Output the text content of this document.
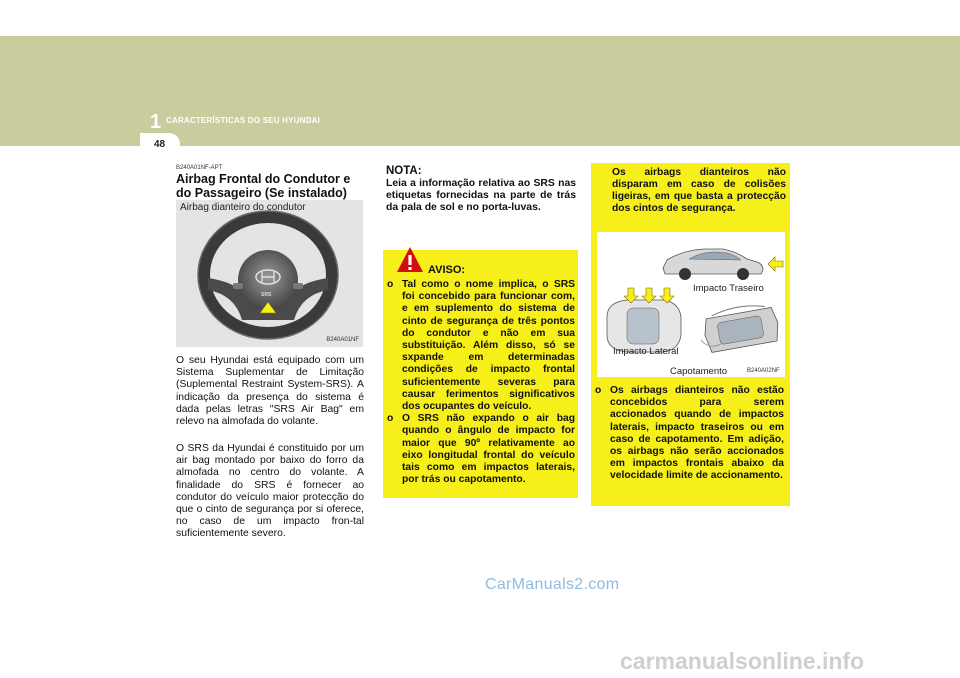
1 CARACTERÍSTICAS DO SEU HYUNDAI
48
B240A01NF-APT
Airbag Frontal do Condutor e do Passageiro (Se instalado)
Airbag dianteiro do condutor
SRS
B240A01NF
O seu Hyundai está equipado com um Sistema Suplementar de Limitação (Suplemental Restraint System-SRS). A indicação da presença do sistema é dada pelas letras "SRS Air Bag" em relevo na almofada do volante.
O SRS da Hyundai é constituido por um air bag montado por baixo do forro da almofada no centro do volante. A finalidade do SRS é fornecer ao condutor do veículo maior protecção do que o cinto de segurança por si oferece, no caso de um impacto fron-tal suficientemente severo.
NOTA:
Leia a informação relativa ao SRS nas etiquetas fornecidas na parte de trás da pala de sol e no porta-luvas.
AVISO:
o Tal como o nome implica, o SRS foi concebido para funcionar com, e em suplemento do sistema de cinto de segurança de três pontos do condutor e não em sua substituição. Além disso, só se sxpande em determinadas condições de impacto frontal suficientemente severas para causar ferimentos significativos dos ocupantes do veículo.
o O SRS não expando o air bag quando o ângulo de impacto for maior que 90º relativamente ao eixo longitudal frontal do veículo tais como em impactos laterais, por trás ou capotamento.
Os airbags dianteiros não disparam em caso de colisões ligeiras, em que basta a protecção dos cintos de segurança.
Impacto Traseiro
Impacto Lateral
Capotamento	B240A02NF
o Os airbags dianteiros não estão concebidos para serem accionados quando de impactos laterais, impacto traseiros ou em caso de capotamento. Em adição, os airbags não serão accionados em impactos frontais abaixo da velocidade limite de accionamento.
CarManuals2.com
carmanualsonline.info
